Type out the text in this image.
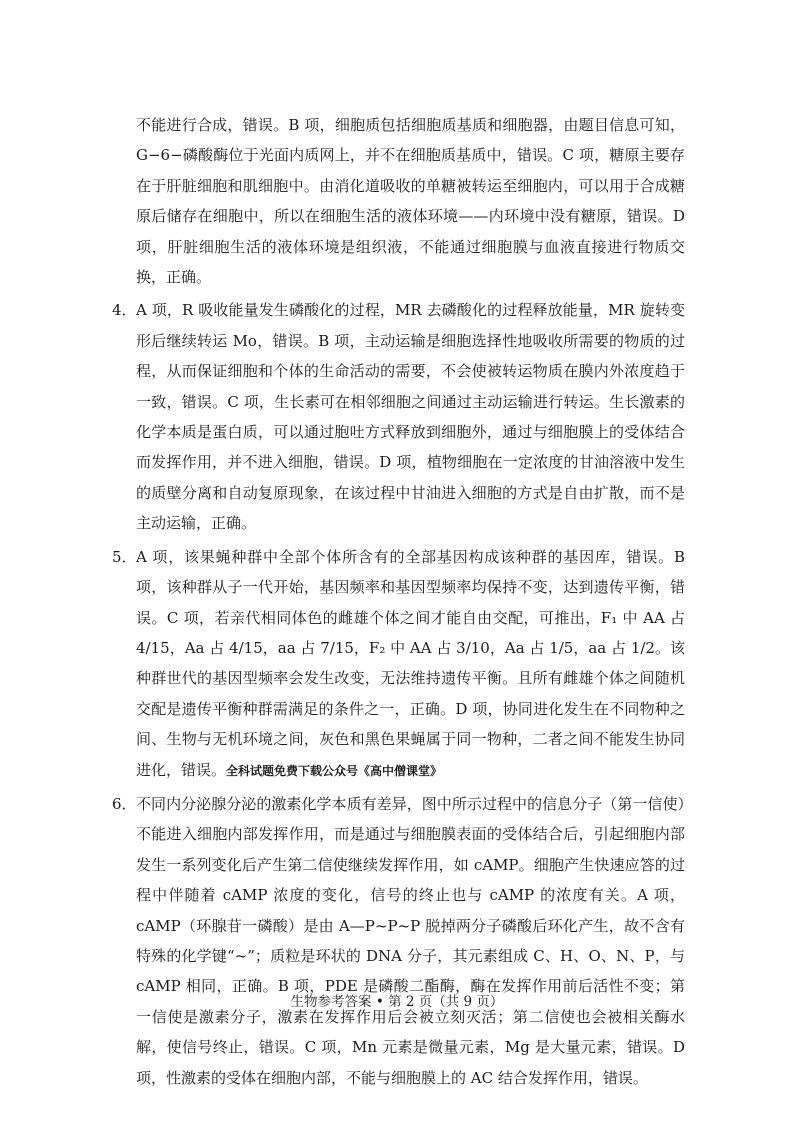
不能进行合成，错误。B 项，细胞质包括细胞质基质和细胞器，由题目信息可知，G−6−磷酸酶位于光面内质网上，并不在细胞质基质中，错误。C 项，糖原主要存在于肝脏细胞和肌细胞中。由消化道吸收的单糖被转运至细胞内，可以用于合成糖原后储存在细胞中，所以在细胞生活的液体环境——内环境中没有糖原，错误。D 项，肝脏细胞生活的液体环境是组织液，不能通过细胞膜与血液直接进行物质交换，正确。

4． A 项，R 吸收能量发生磷酸化的过程，MR 去磷酸化的过程释放能量，MR 旋转变形后继续转运 Mo，错误。B 项，主动运输是细胞选择性地吸收所需要的物质的过程，从而保证细胞和个体的生命活动的需要，不会使被转运物质在膜内外浓度趋于一致，错误。C 项，生长素可在相邻细胞之间通过主动运输进行转运。生长激素的化学本质是蛋白质，可以通过胞吐方式释放到细胞外，通过与细胞膜上的受体结合而发挥作用，并不进入细胞，错误。D 项，植物细胞在一定浓度的甘油溶液中发生的质壁分离和自动复原现象，在该过程中甘油进入细胞的方式是自由扩散，而不是主动运输，正确。

5． A 项，该果蝇种群中全部个体所含有的全部基因构成该种群的基因库，错误。B 项，该种群从子一代开始，基因频率和基因型频率均保持不变，达到遗传平衡，错误。C 项，若亲代相同体色的雌雄个体之间才能自由交配，可推出，F₁ 中 AA 占 4/15，Aa 占 4/15，aa 占 7/15，F₂ 中 AA 占 3/10，Aa 占 1/5，aa 占 1/2。该种群世代的基因型频率会发生改变，无法维持遗传平衡。且所有雌雄个体之间随机交配是遗传平衡种群需满足的条件之一，正确。D 项，协同进化发生在不同物种之间、生物与无机环境之间，灰色和黑色果蝇属于同一物种，二者之间不能发生协同进化，错误。全科试题免费下载公众号《高中僧课堂》

6． 不同内分泌腺分泌的激素化学本质有差异，图中所示过程中的信息分子（第一信使）不能进入细胞内部发挥作用，而是通过与细胞膜表面的受体结合后，引起细胞内部发生一系列变化后产生第二信使继续发挥作用，如 cAMP。细胞产生快速应答的过程中伴随着 cAMP 浓度的变化，信号的终止也与 cAMP 的浓度有关。A 项，cAMP（环腺苷一磷酸）是由 A—P~P~P 脱掉两分子磷酸后环化产生，故不含有特殊的化学键“~”；质粒是环状的 DNA 分子，其元素组成 C、H、O、N、P，与 cAMP 相同，正确。B 项，PDE 是磷酸二酯酶，酶在发挥作用前后活性不变；第一信使是激素分子，激素在发挥作用后会被立刻灭活；第二信使也会被相关酶水解，使信号终止，错误。C 项，Mn 元素是微量元素，Mg 是大量元素，错误。D 项，性激素的受体在细胞内部，不能与细胞膜上的 AC 结合发挥作用，错误。

生物参考答案 • 第 2 页（共 9 页）
